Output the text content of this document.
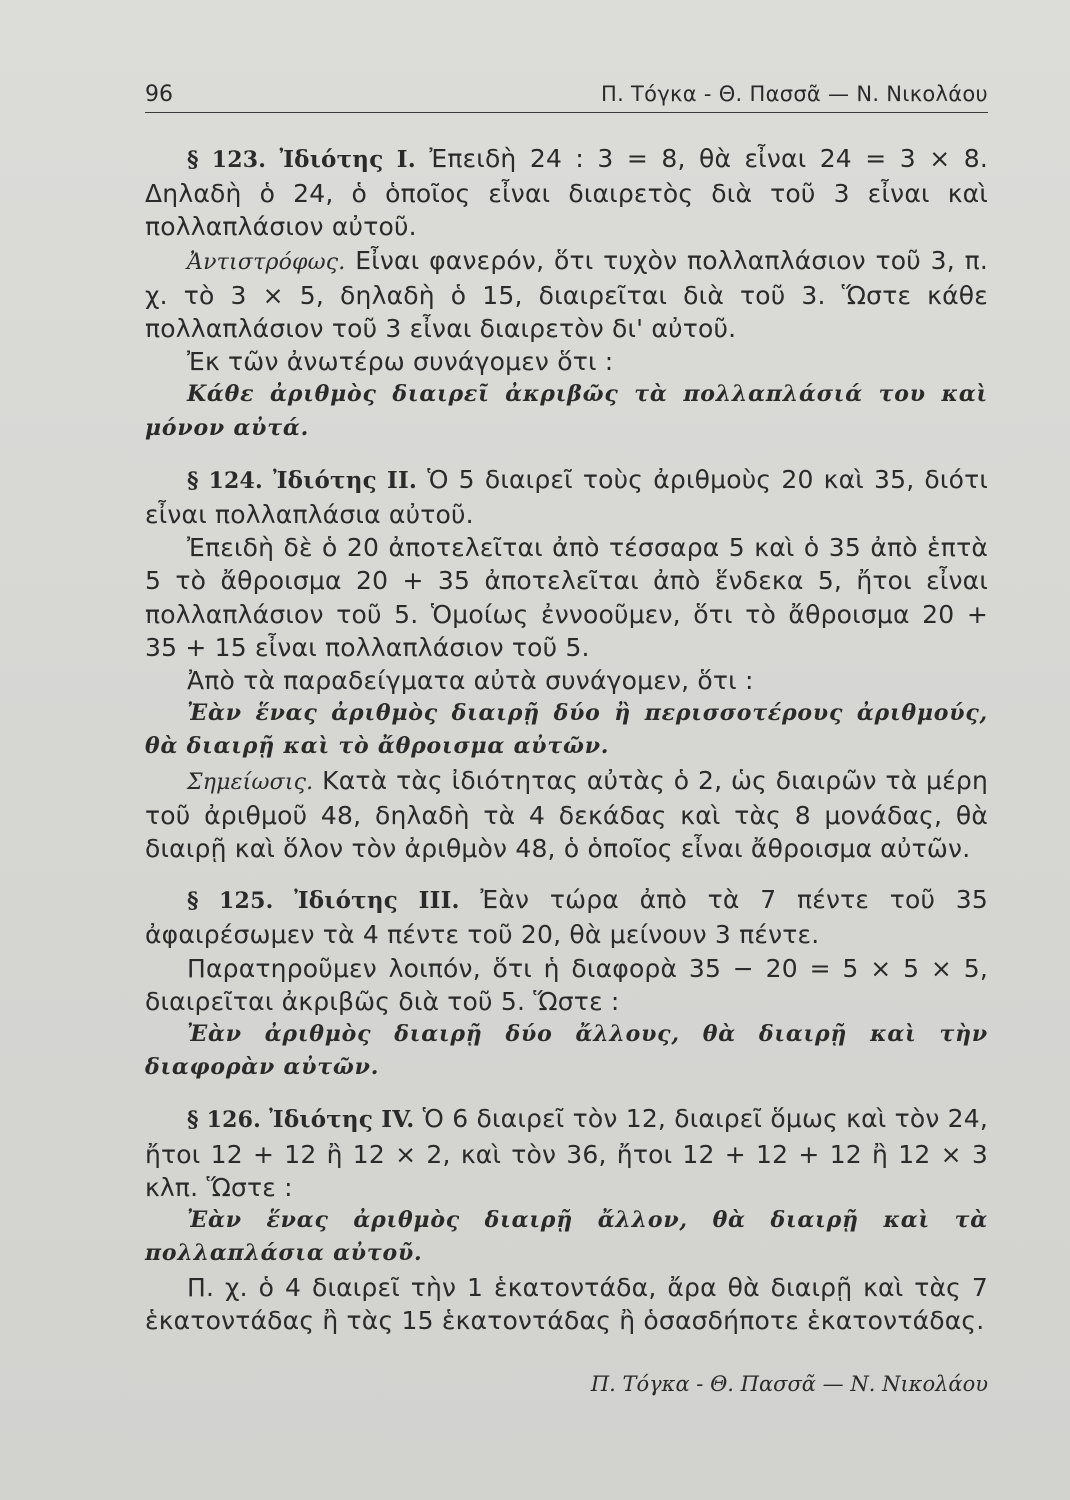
96	Π. Τόγκα - Θ. Πασσᾶ — Ν. Νικολάου

§ 123. Ἰδιότης Ι. Ἐπειδὴ 24 : 3 = 8, θὰ εἶναι 24 = 3 × 8. Δηλαδὴ ὁ 24, ὁ ὁποῖος εἶναι διαιρετὸς διὰ τοῦ 3 εἶναι καὶ πολλαπλάσιον αὐτοῦ.

Ἀντιστρόφως. Εἶναι φανερόν, ὅτι τυχὸν πολλαπλάσιον τοῦ 3, π. χ. τὸ 3 × 5, δηλαδὴ ὁ 15, διαιρεῖται διὰ τοῦ 3. Ὥστε κάθε πολλαπλάσιον τοῦ 3 εἶναι διαιρετὸν δι' αὐτοῦ.

Ἐκ τῶν ἀνωτέρω συνάγομεν ὅτι :

Κάθε ἀριθμὸς διαιρεῖ ἀκριβῶς τὰ πολλαπλάσιά του καὶ μόνον αὐτά.

§ 124. Ἰδιότης ΙΙ. Ὁ 5 διαιρεῖ τοὺς ἀριθμοὺς 20 καὶ 35, διότι εἶναι πολλαπλάσια αὐτοῦ.

Ἐπειδὴ δὲ ὁ 20 ἀποτελεῖται ἀπὸ τέσσαρα 5 καὶ ὁ 35 ἀπὸ ἑπτὰ 5 τὸ ἄθροισμα 20 + 35 ἀποτελεῖται ἀπὸ ἕνδεκα 5, ἤτοι εἶναι πολλαπλάσιον τοῦ 5. Ὁμοίως ἐννοοῦμεν, ὅτι τὸ ἄθροισμα 20 + 35 + 15 εἶναι πολλαπλάσιον τοῦ 5.

Ἀπὸ τὰ παραδείγματα αὐτὰ συνάγομεν, ὅτι :

Ἐὰν ἕνας ἀριθμὸς διαιρῇ δύο ἢ περισσοτέρους ἀριθμούς, θὰ διαιρῇ καὶ τὸ ἄθροισμα αὐτῶν.

Σημείωσις. Κατὰ τὰς ἰδιότητας αὐτὰς ὁ 2, ὡς διαιρῶν τὰ μέρη τοῦ ἀριθμοῦ 48, δηλαδὴ τὰ 4 δεκάδας καὶ τὰς 8 μονάδας, θὰ διαιρῇ καὶ ὅλον τὸν ἀριθμὸν 48, ὁ ὁποῖος εἶναι ἄθροισμα αὐτῶν.

§ 125. Ἰδιότης ΙΙΙ. Ἐὰν τώρα ἀπὸ τὰ 7 πέντε τοῦ 35 ἀφαιρέσωμεν τὰ 4 πέντε τοῦ 20, θὰ μείνουν 3 πέντε.

Παρατηροῦμεν λοιπόν, ὅτι ἡ διαφορὰ 35 − 20 = 5 × 5 × 5, διαιρεῖται ἀκριβῶς διὰ τοῦ 5. Ὥστε :

Ἐὰν ἀριθμὸς διαιρῇ δύο ἄλλους, θὰ διαιρῇ καὶ τὴν διαφορὰν αὐτῶν.

§ 126. Ἰδιότης IV. Ὁ 6 διαιρεῖ τὸν 12, διαιρεῖ ὅμως καὶ τὸν 24, ἤτοι 12 + 12 ἢ 12 × 2, καὶ τὸν 36, ἤτοι 12 + 12 + 12 ἢ 12 × 3 κλπ. Ὥστε :

Ἐὰν ἕνας ἀριθμὸς διαιρῇ ἄλλον, θὰ διαιρῇ καὶ τὰ πολλαπλάσια αὐτοῦ.

Π. χ. ὁ 4 διαιρεῖ τὴν 1 ἑκατοντάδα, ἄρα θὰ διαιρῇ καὶ τὰς 7 ἑκατοντάδας ἢ τὰς 15 ἑκατοντάδας ἢ ὁσασδήποτε ἑκατοντάδας.

Π. Τόγκα - Θ. Πασσᾶ — Ν. Νικολάου
